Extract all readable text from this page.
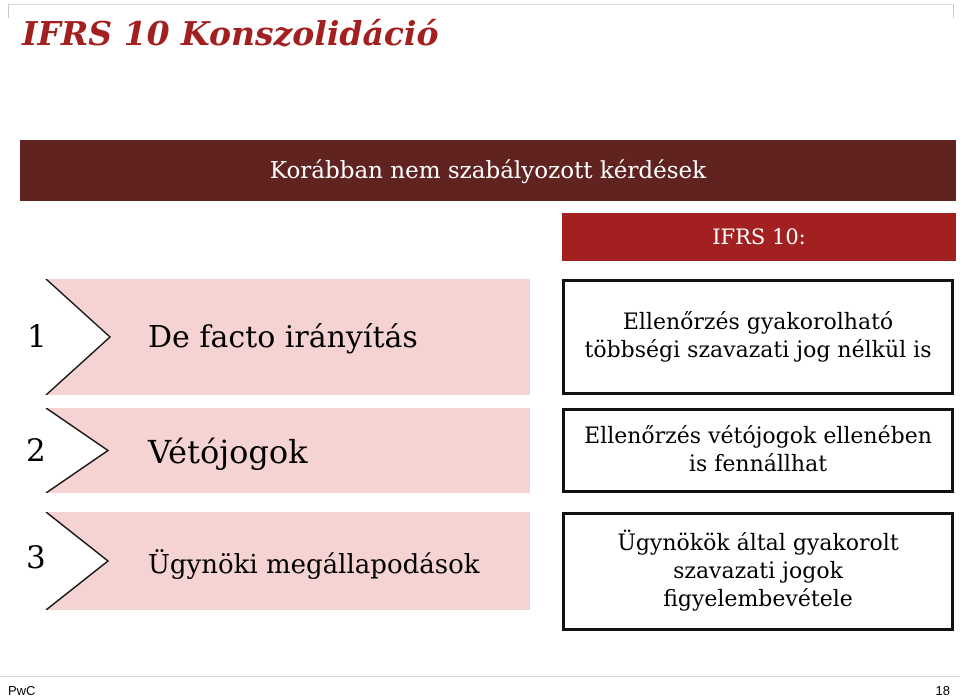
IFRS 10 Konszolidáció
Korábban nem szabályozott kérdések
IFRS 10:
1	De facto irányítás	Ellenőrzés gyakorolható
többségi szavazati jog nélkül is
2	Vétójogok	Ellenőrzés vétójogok ellenében
is fennállhat
3	Ügynöki megállapodások
Ügynökök által gyakorolt
szavazati jogok
figyelembevétele
PwC	18
